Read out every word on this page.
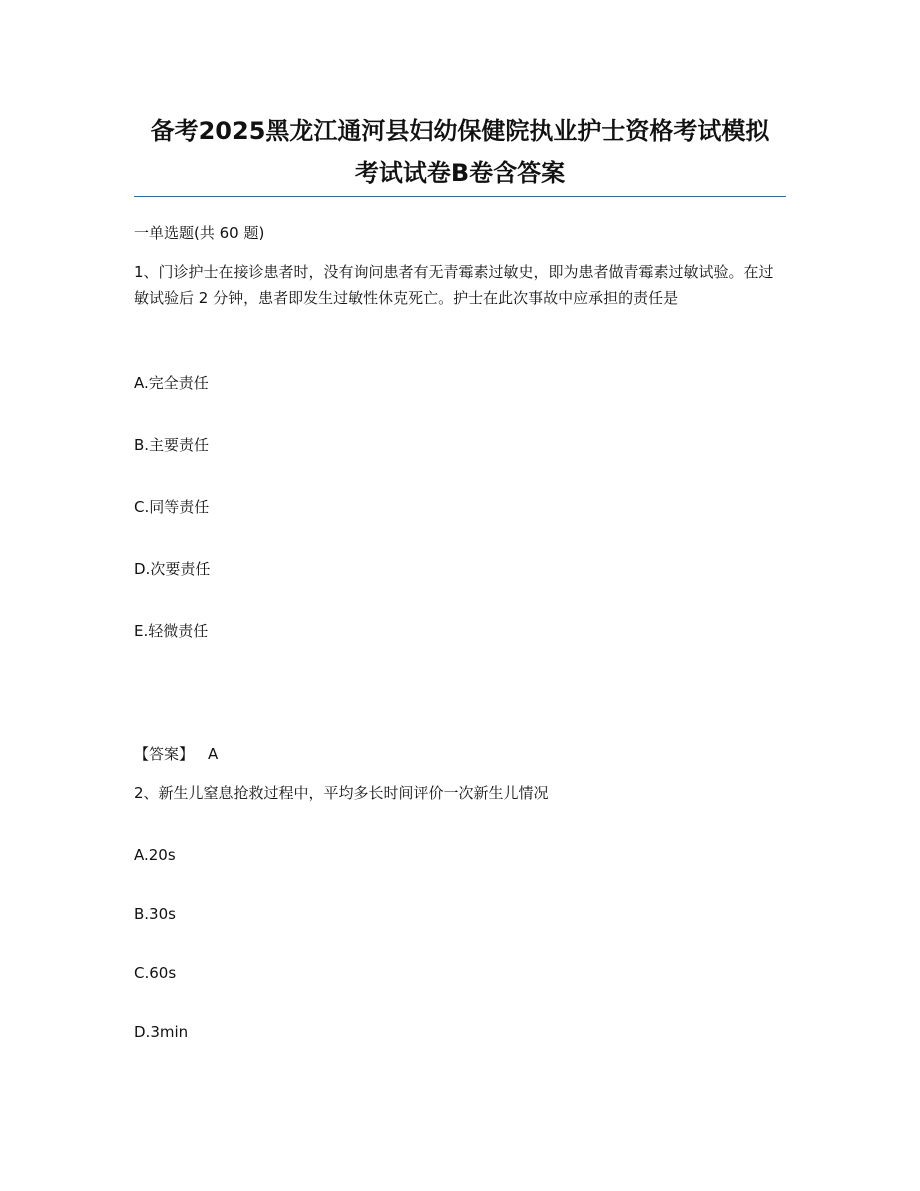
备考2025黑龙江通河县妇幼保健院执业护士资格考试模拟
考试试卷B卷含答案
一单选题(共 60 题)

1、门诊护士在接诊患者时，没有询问患者有无青霉素过敏史，即为患者做青霉素过敏试验。在过敏试验后 2 分钟，患者即发生过敏性休克死亡。护士在此次事故中应承担的责任是

A.完全责任
B.主要责任
C.同等责任
D.次要责任
E.轻微责任
【答案】 A

2、新生儿窒息抢救过程中，平均多长时间评价一次新生儿情况

A.20s
B.30s
C.60s
D.3min
